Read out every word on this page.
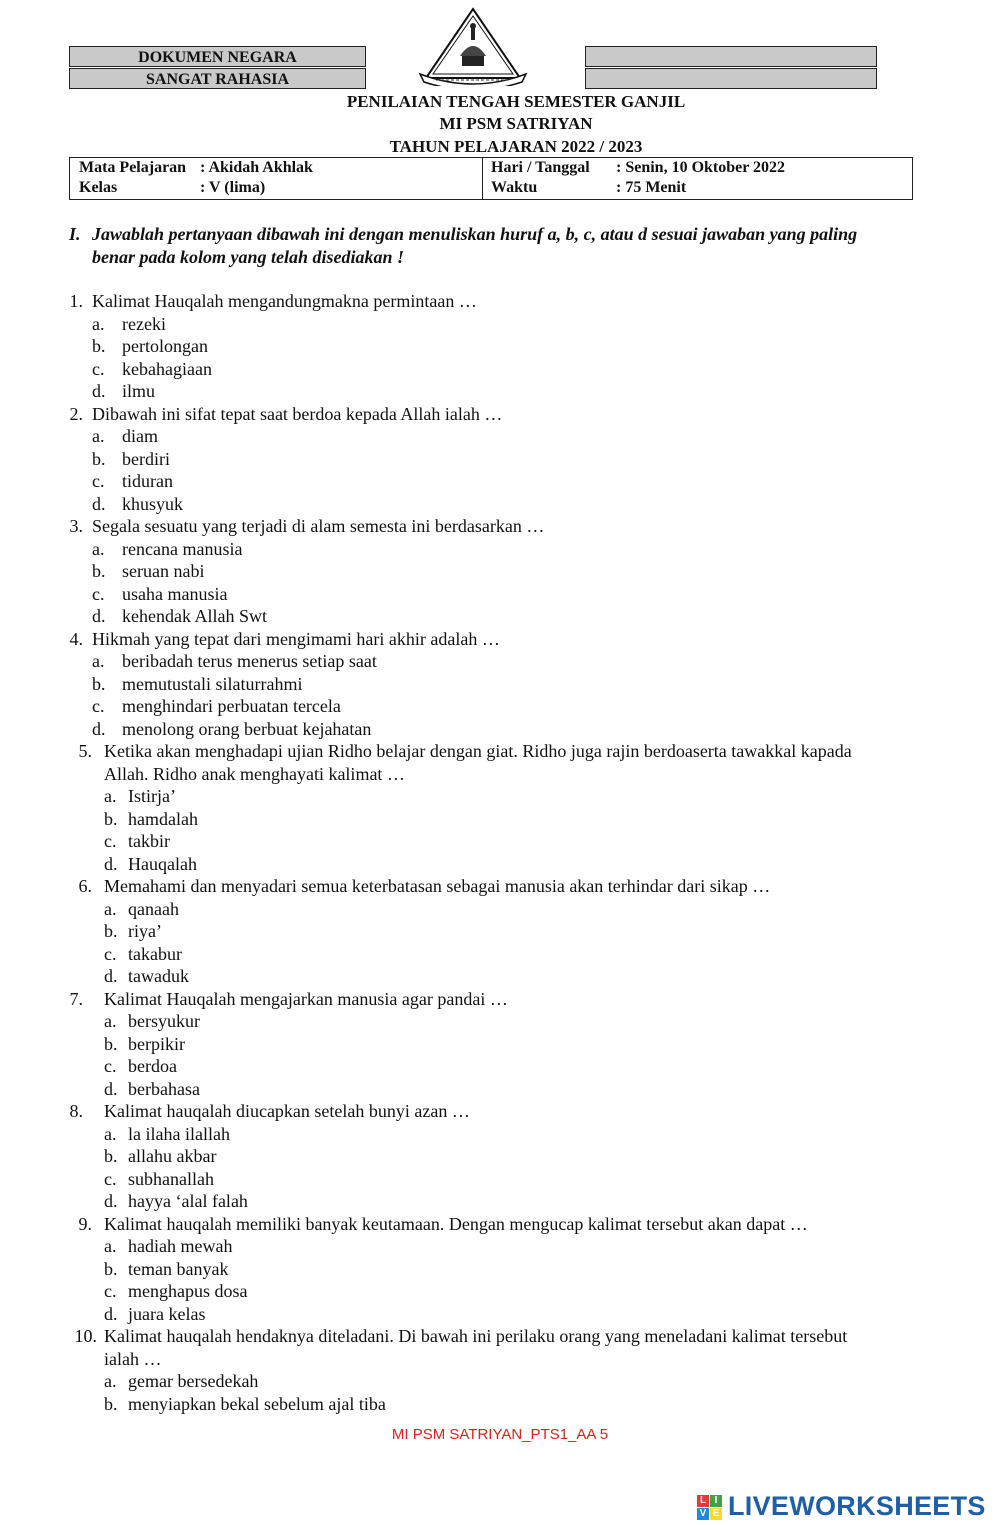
DOKUMEN NEGARA
SANGAT RAHASIA
PENILAIAN TENGAH SEMESTER GANJIL
MI PSM SATRIYAN
TAHUN PELAJARAN 2022 / 2023
Mata Pelajaran : Akidah Akhlak
Kelas	: V (lima)
Hari / Tanggal : Senin, 10 Oktober 2022
Waktu	: 75 Menit
I. Jawablah pertanyaan dibawah ini dengan menuliskan huruf a, b, c, atau d sesuai jawaban yang paling
benar pada kolom yang telah disediakan !
1. Kalimat Hauqalah mengandungmakna permintaan …
a. rezeki
b. pertolongan
c. kebahagiaan
d. ilmu
2. Dibawah ini sifat tepat saat berdoa kepada Allah ialah …
a. diam
b. berdiri
c. tiduran
d. khusyuk
3. Segala sesuatu yang terjadi di alam semesta ini berdasarkan …
a. rencana manusia
b. seruan nabi
c. usaha manusia
d. kehendak Allah Swt
4. Hikmah yang tepat dari mengimami hari akhir adalah …
a. beribadah terus menerus setiap saat
b. memutustali silaturrahmi
c. menghindari perbuatan tercela
d. menolong orang berbuat kejahatan
5. Ketika akan menghadapi ujian Ridho belajar dengan giat. Ridho juga rajin berdoaserta tawakkal kapada
Allah. Ridho anak menghayati kalimat …
a. Istirja’
b. hamdalah
c. takbir
d. Hauqalah
6. Memahami dan menyadari semua keterbatasan sebagai manusia akan terhindar dari sikap …
a. qanaah
b. riya’
c. takabur
d. tawaduk
7. Kalimat Hauqalah mengajarkan manusia agar pandai …
a. bersyukur
b. berpikir
c. berdoa
d. berbahasa
8. Kalimat hauqalah diucapkan setelah bunyi azan …
a. la ilaha ilallah
b. allahu akbar
c. subhanallah
d. hayya ‘alal falah
9. Kalimat hauqalah memiliki banyak keutamaan. Dengan mengucap kalimat tersebut akan dapat …
a. hadiah mewah
b. teman banyak
c. menghapus dosa
d. juara kelas
10. Kalimat hauqalah hendaknya diteladani. Di bawah ini perilaku orang yang meneladani kalimat tersebut
ialah …
a. gemar bersedekah
b. menyiapkan bekal sebelum ajal tiba
MI PSM SATRIYAN_PTS1_AA 5
L I
V E LIVEWORKSHEETS
